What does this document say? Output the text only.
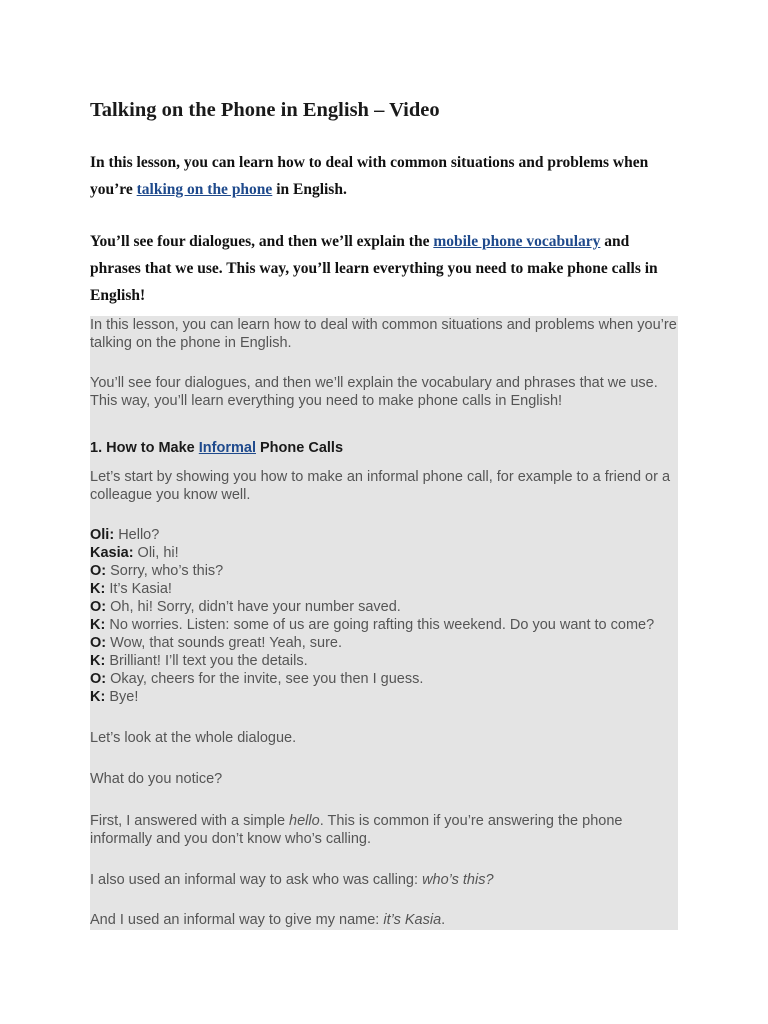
Talking on the Phone in English – Video

In this lesson, you can learn how to deal with common situations and problems when you’re talking on the phone in English.

You’ll see four dialogues, and then we’ll explain the mobile phone vocabulary and phrases that we use. This way, you’ll learn everything you need to make phone calls in English!

In this lesson, you can learn how to deal with common situations and problems when you’re talking on the phone in English.

You’ll see four dialogues, and then we’ll explain the vocabulary and phrases that we use. This way, you’ll learn everything you need to make phone calls in English!

1. How to Make Informal Phone Calls

Let’s start by showing you how to make an informal phone call, for example to a friend or a colleague you know well.

Oli: Hello?
Kasia: Oli, hi!
O: Sorry, who’s this?
K: It’s Kasia!
O: Oh, hi! Sorry, didn’t have your number saved.
K: No worries. Listen: some of us are going rafting this weekend. Do you want to come?
O: Wow, that sounds great! Yeah, sure.
K: Brilliant! I’ll text you the details.
O: Okay, cheers for the invite, see you then I guess.
K: Bye!

Let’s look at the whole dialogue.

What do you notice?

First, I answered with a simple hello. This is common if you’re answering the phone informally and you don’t know who’s calling.

I also used an informal way to ask who was calling: who’s this?

And I used an informal way to give my name: it’s Kasia.
